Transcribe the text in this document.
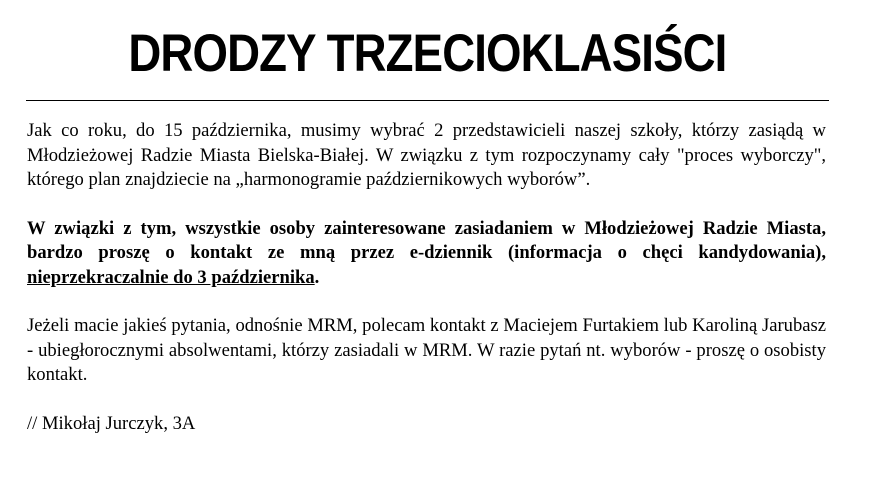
DRODZY TRZECIOKLASIŚCI

Jak co roku, do 15 października, musimy wybrać 2 przedstawicieli naszej szkoły, którzy zasiądą w Młodzieżowej Radzie Miasta Bielska-Białej. W związku z tym rozpoczynamy cały "proces wyborczy", którego plan znajdziecie na „harmonogramie październikowych wyborów”.

W związki z tym, wszystkie osoby zainteresowane zasiadaniem w Młodzieżowej Radzie Miasta, bardzo proszę o kontakt ze mną przez e-dziennik (informacja o chęci kandydowania), nieprzekraczalnie do 3 października.

Jeżeli macie jakieś pytania, odnośnie MRM, polecam kontakt z Maciejem Furtakiem lub Karoliną Jarubasz - ubiegłorocznymi absolwentami, którzy zasiadali w MRM. W razie pytań nt. wyborów - proszę o osobisty kontakt.

// Mikołaj Jurczyk, 3A
